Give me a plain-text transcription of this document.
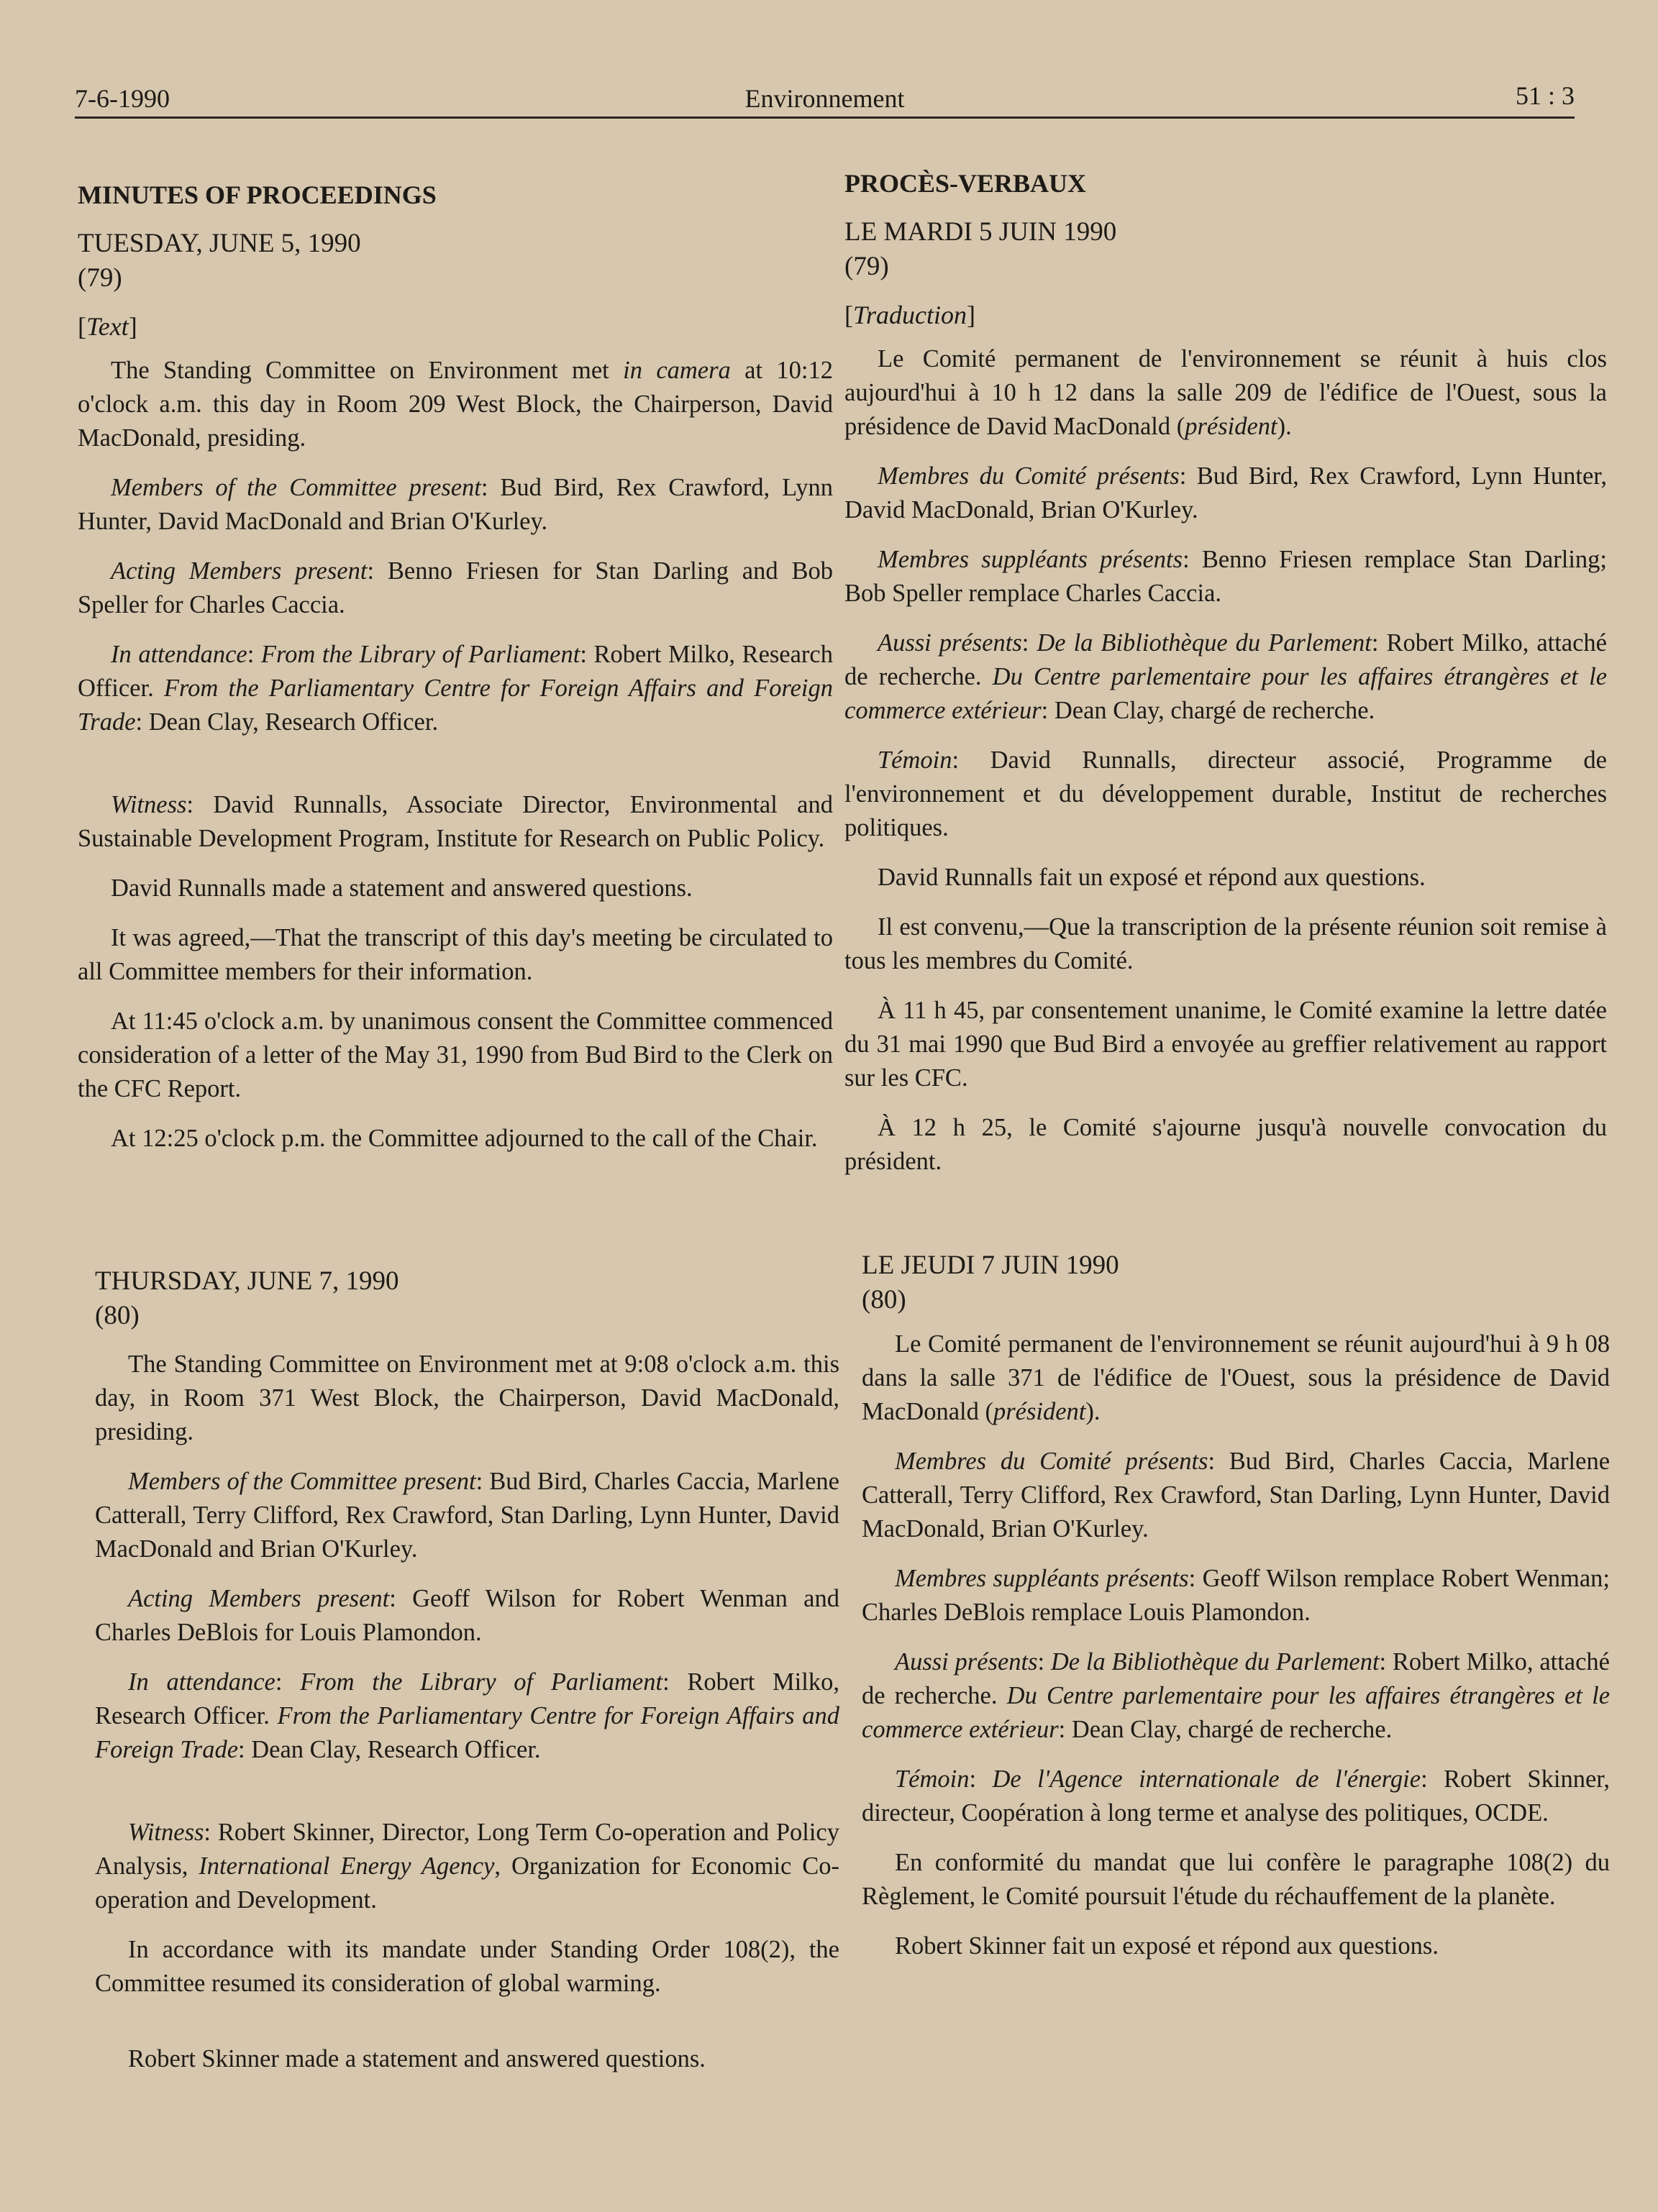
7-6-1990	Environnement	51 : 3
MINUTES OF PROCEEDINGS

TUESDAY, JUNE 5, 1990

(79)

[Text]

The Standing Committee on Environment met in camera at 10:12 o'clock a.m. this day in Room 209 West Block, the Chairperson, David MacDonald, presiding.

Members of the Committee present: Bud Bird, Rex Crawford, Lynn Hunter, David MacDonald and Brian O'Kurley.

Acting Members present: Benno Friesen for Stan Darling and Bob Speller for Charles Caccia.

In attendance: From the Library of Parliament: Robert Milko, Research Officer. From the Parliamentary Centre for Foreign Affairs and Foreign Trade: Dean Clay, Research Officer.

Witness: David Runnalls, Associate Director, Environmental and Sustainable Development Program, Institute for Research on Public Policy.

David Runnalls made a statement and answered questions.

It was agreed,—That the transcript of this day's meeting be circulated to all Committee members for their information.

At 11:45 o'clock a.m. by unanimous consent the Committee commenced consideration of a letter of the May 31, 1990 from Bud Bird to the Clerk on the CFC Report.

At 12:25 o'clock p.m. the Committee adjourned to the call of the Chair.

THURSDAY, JUNE 7, 1990

(80)

The Standing Committee on Environment met at 9:08 o'clock a.m. this day, in Room 371 West Block, the Chairperson, David MacDonald, presiding.

Members of the Committee present: Bud Bird, Charles Caccia, Marlene Catterall, Terry Clifford, Rex Crawford, Stan Darling, Lynn Hunter, David MacDonald and Brian O'Kurley.

Acting Members present: Geoff Wilson for Robert Wenman and Charles DeBlois for Louis Plamondon.

In attendance: From the Library of Parliament: Robert Milko, Research Officer. From the Parliamentary Centre for Foreign Affairs and Foreign Trade: Dean Clay, Research Officer.

Witness: Robert Skinner, Director, Long Term Co-operation and Policy Analysis, International Energy Agency, Organization for Economic Co-operation and Development.

In accordance with its mandate under Standing Order 108(2), the Committee resumed its consideration of global warming.

Robert Skinner made a statement and answered questions.

PROCÈS-VERBAUX

LE MARDI 5 JUIN 1990

(79)

[Traduction]

Le Comité permanent de l'environnement se réunit à huis clos aujourd'hui à 10 h 12 dans la salle 209 de l'édifice de l'Ouest, sous la présidence de David MacDonald (président).

Membres du Comité présents: Bud Bird, Rex Crawford, Lynn Hunter, David MacDonald, Brian O'Kurley.

Membres suppléants présents: Benno Friesen remplace Stan Darling; Bob Speller remplace Charles Caccia.

Aussi présents: De la Bibliothèque du Parlement: Robert Milko, attaché de recherche. Du Centre parlementaire pour les affaires étrangères et le commerce extérieur: Dean Clay, chargé de recherche.

Témoin: David Runnalls, directeur associé, Programme de l'environnement et du développement durable, Institut de recherches politiques.

David Runnalls fait un exposé et répond aux questions.

Il est convenu,—Que la transcription de la présente réunion soit remise à tous les membres du Comité.

À 11 h 45, par consentement unanime, le Comité examine la lettre datée du 31 mai 1990 que Bud Bird a envoyée au greffier relativement au rapport sur les CFC.

À 12 h 25, le Comité s'ajourne jusqu'à nouvelle convocation du président.

LE JEUDI 7 JUIN 1990

(80)

Le Comité permanent de l'environnement se réunit aujourd'hui à 9 h 08 dans la salle 371 de l'édifice de l'Ouest, sous la présidence de David MacDonald (président).

Membres du Comité présents: Bud Bird, Charles Caccia, Marlene Catterall, Terry Clifford, Rex Crawford, Stan Darling, Lynn Hunter, David MacDonald, Brian O'Kurley.

Membres suppléants présents: Geoff Wilson remplace Robert Wenman; Charles DeBlois remplace Louis Plamondon.

Aussi présents: De la Bibliothèque du Parlement: Robert Milko, attaché de recherche. Du Centre parlementaire pour les affaires étrangères et le commerce extérieur: Dean Clay, chargé de recherche.

Témoin: De l'Agence internationale de l'énergie: Robert Skinner, directeur, Coopération à long terme et analyse des politiques, OCDE.

En conformité du mandat que lui confère le paragraphe 108(2) du Règlement, le Comité poursuit l'étude du réchauffement de la planète.

Robert Skinner fait un exposé et répond aux questions.
